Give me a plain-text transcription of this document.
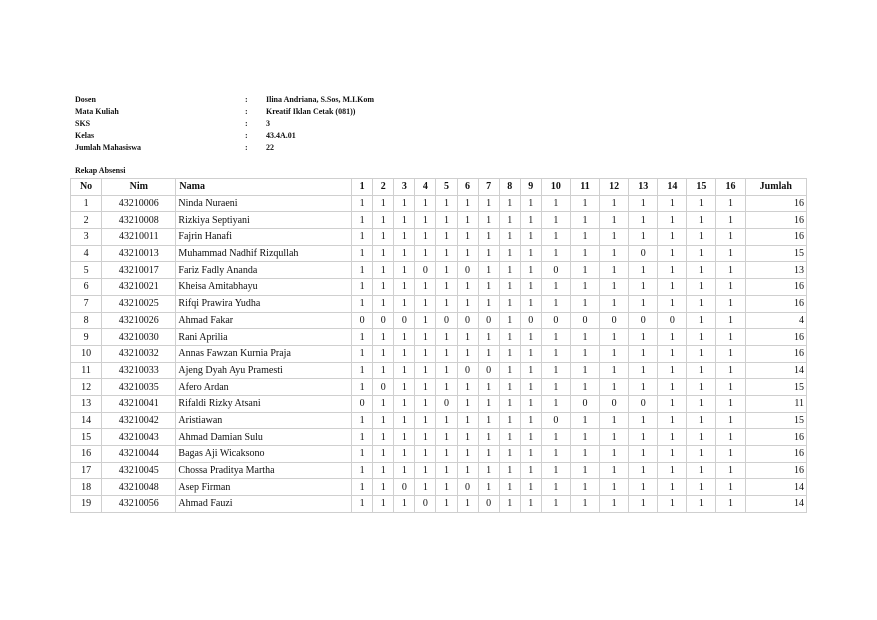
Dosen	: Ilina Andriana, S.Sos, M.I.Kom
Mata Kuliah	: Kreatif Iklan Cetak (081))
SKS	: 3
Kelas	: 43.4A.01
Jumlah Mahasiswa	: 22
Rekap Absensi
No	Nim	Nama	1	2	3	4	5	6	7	8	9	10	11	12	13	14	15	16	Jumlah
1	43210006	Ninda Nuraeni	1	1	1	1	1	1	1	1	1	1	1	1	1	1	1	1	16
2	43210008	Rizkiya Septiyani	1	1	1	1	1	1	1	1	1	1	1	1	1	1	1	1	16
3	43210011	Fajrin Hanafi	1	1	1	1	1	1	1	1	1	1	1	1	1	1	1	1	16
4	43210013	Muhammad Nadhif Rizqullah	1	1	1	1	1	1	1	1	1	1	1	1	0	1	1	1	15
5	43210017	Fariz Fadly Ananda	1	1	1	0	1	0	1	1	1	0	1	1	1	1	1	1	13
6	43210021	Kheisa Amitabhayu	1	1	1	1	1	1	1	1	1	1	1	1	1	1	1	1	16
7	43210025	Rifqi Prawira Yudha	1	1	1	1	1	1	1	1	1	1	1	1	1	1	1	1	16
8	43210026	Ahmad Fakar	0	0	0	1	0	0	0	1	0	0	0	0	0	0	1	1	4
9	43210030	Rani Aprilia	1	1	1	1	1	1	1	1	1	1	1	1	1	1	1	1	16
10	43210032	Annas Fawzan Kurnia Praja	1	1	1	1	1	1	1	1	1	1	1	1	1	1	1	1	16
11	43210033	Ajeng Dyah Ayu Pramesti	1	1	1	1	1	0	0	1	1	1	1	1	1	1	1	1	14
12	43210035	Afero Ardan	1	0	1	1	1	1	1	1	1	1	1	1	1	1	1	1	15
13	43210041	Rifaldi Rizky Atsani	0	1	1	1	0	1	1	1	1	1	0	0	0	1	1	1	11
14	43210042	Aristiawan	1	1	1	1	1	1	1	1	1	0	1	1	1	1	1	1	15
15	43210043	Ahmad Damian Sulu	1	1	1	1	1	1	1	1	1	1	1	1	1	1	1	1	16
16	43210044	Bagas Aji Wicaksono	1	1	1	1	1	1	1	1	1	1	1	1	1	1	1	1	16
17	43210045	Chossa Praditya Martha	1	1	1	1	1	1	1	1	1	1	1	1	1	1	1	1	16
18	43210048	Asep Firman	1	1	0	1	1	0	1	1	1	1	1	1	1	1	1	1	14
19	43210056	Ahmad Fauzi	1	1	1	0	1	1	0	1	1	1	1	1	1	1	1	1	14
